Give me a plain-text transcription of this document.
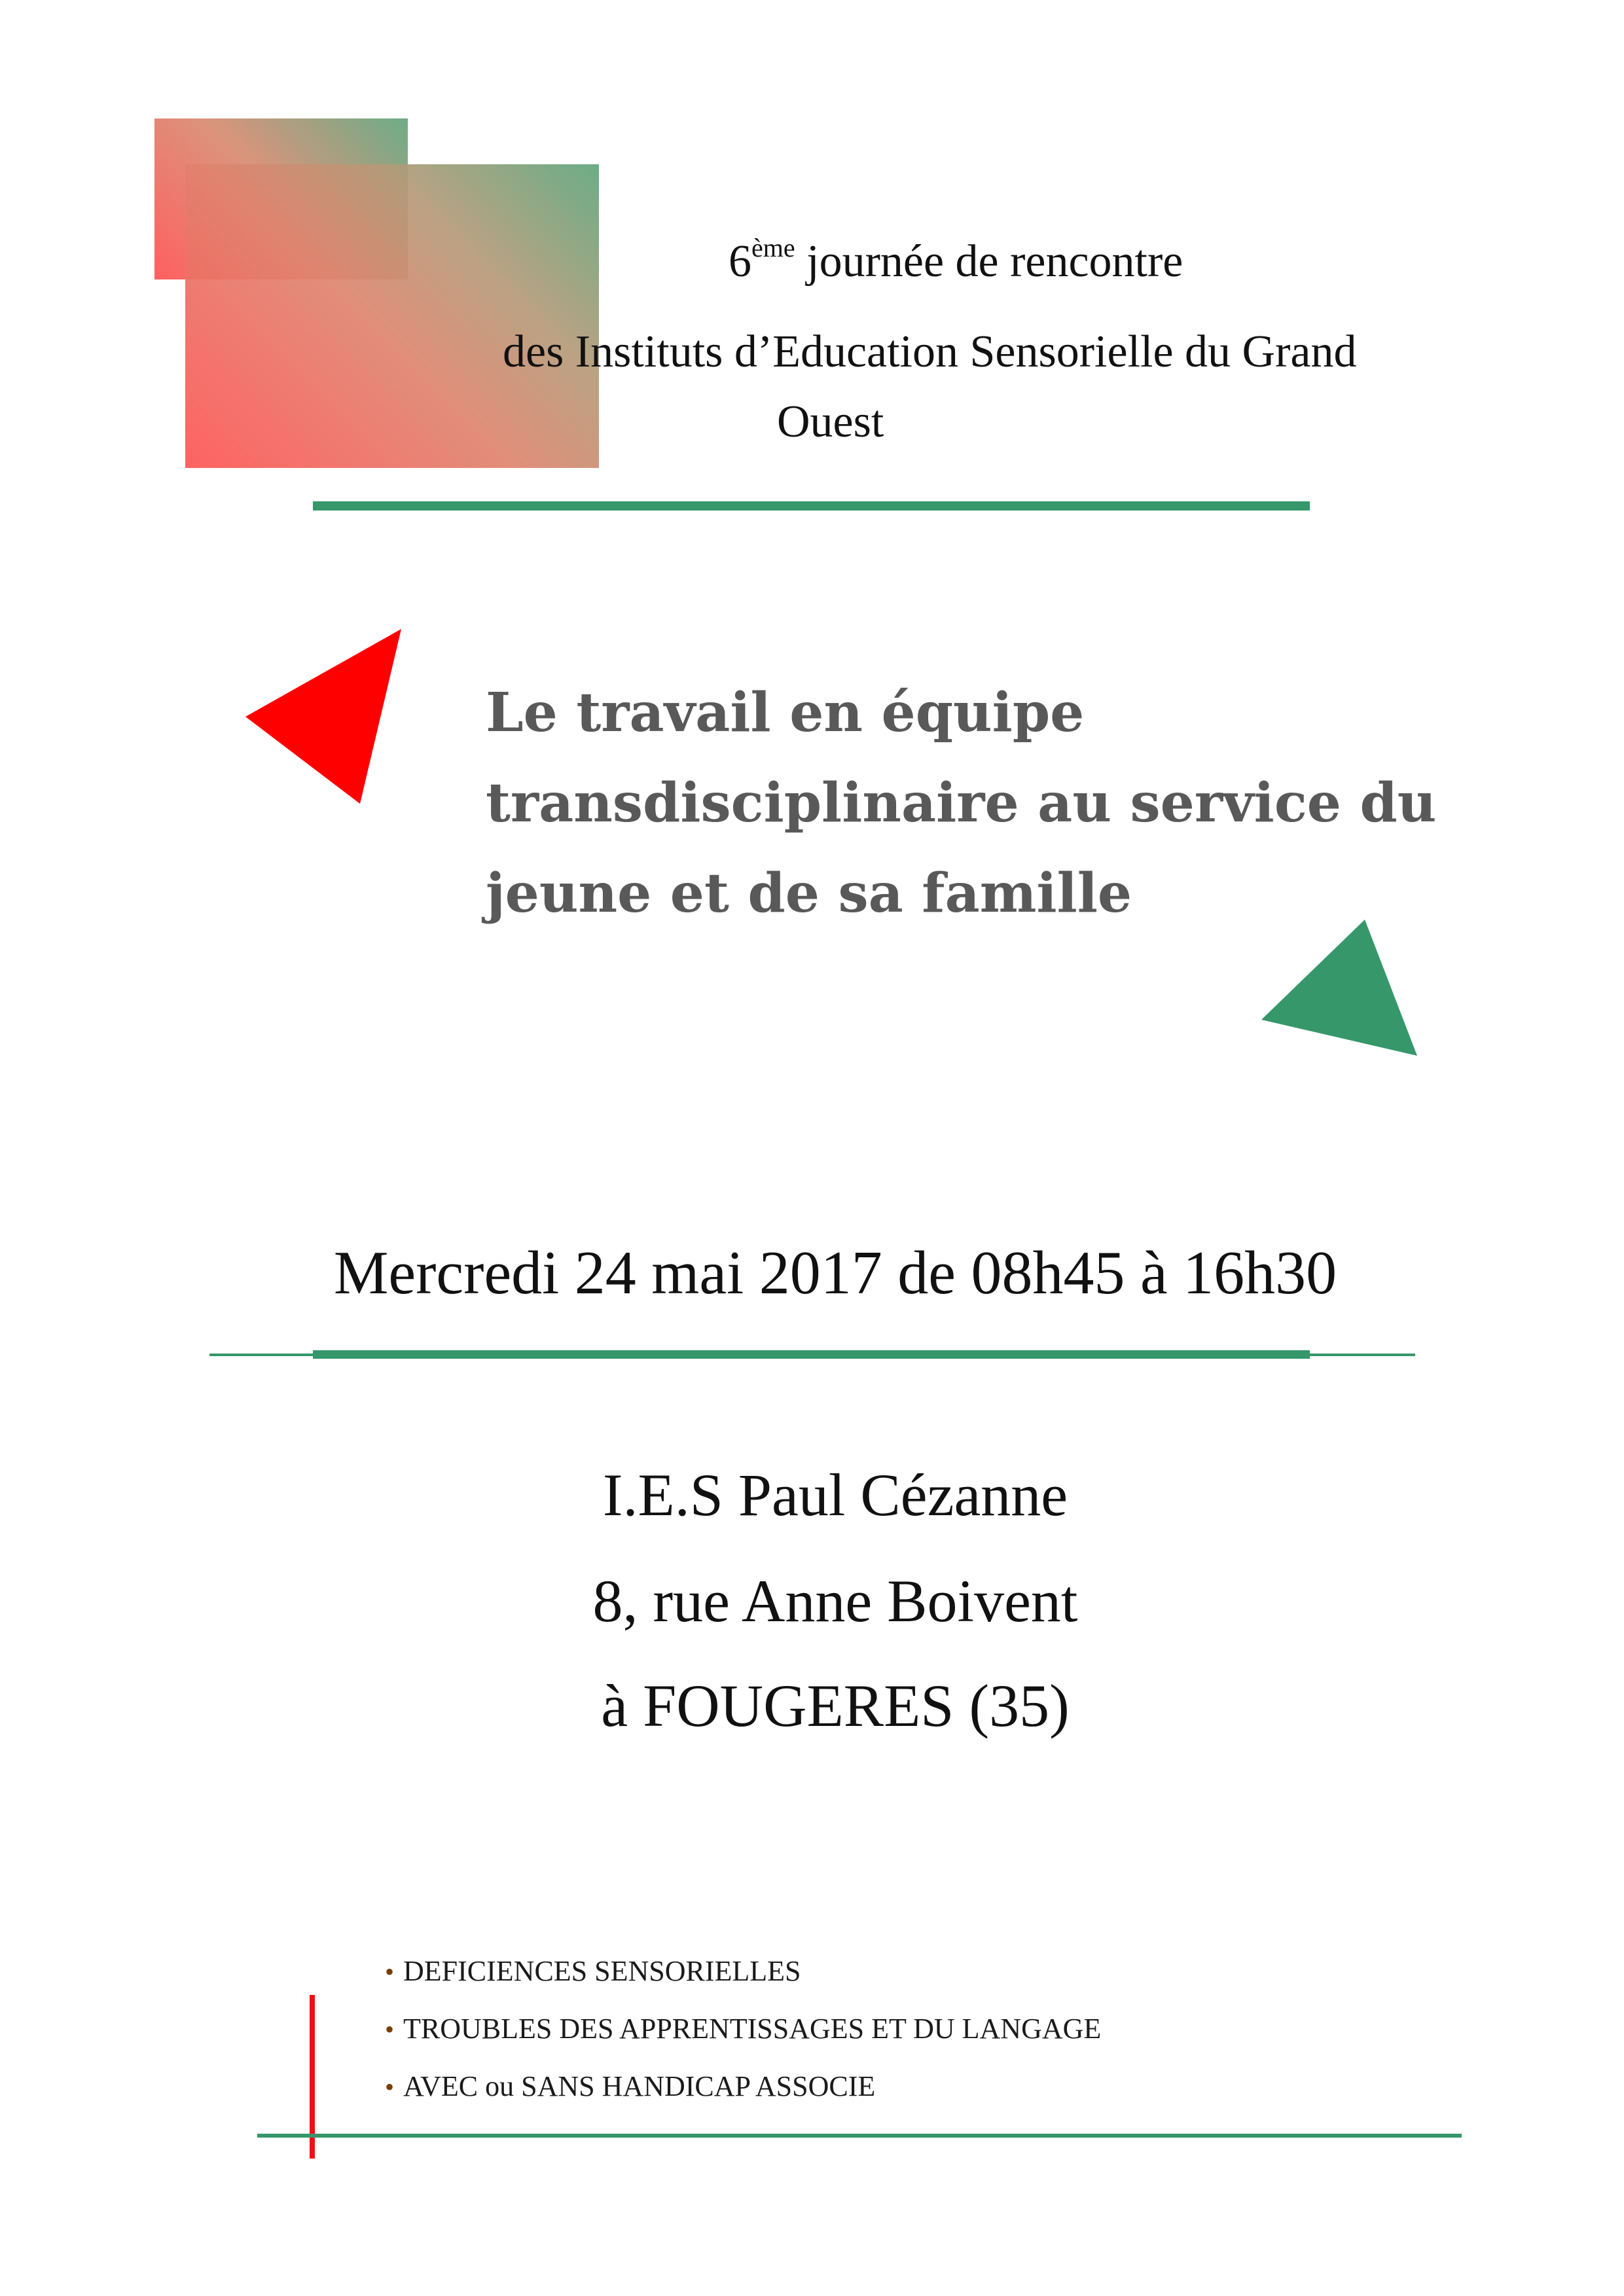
6ème journée de rencontre
des Instituts d’Education Sensorielle du Grand
Ouest
Le travail en équipe
transdisciplinaire au service du
jeune et de sa famille
Mercredi 24 mai 2017 de 08h45 à 16h30
I.E.S Paul Cézanne
8, rue Anne Boivent
à FOUGERES (35)
• DEFICIENCES SENSORIELLES
• TROUBLES DES APPRENTISSAGES ET DU LANGAGE
• AVEC ou SANS HANDICAP ASSOCIE
